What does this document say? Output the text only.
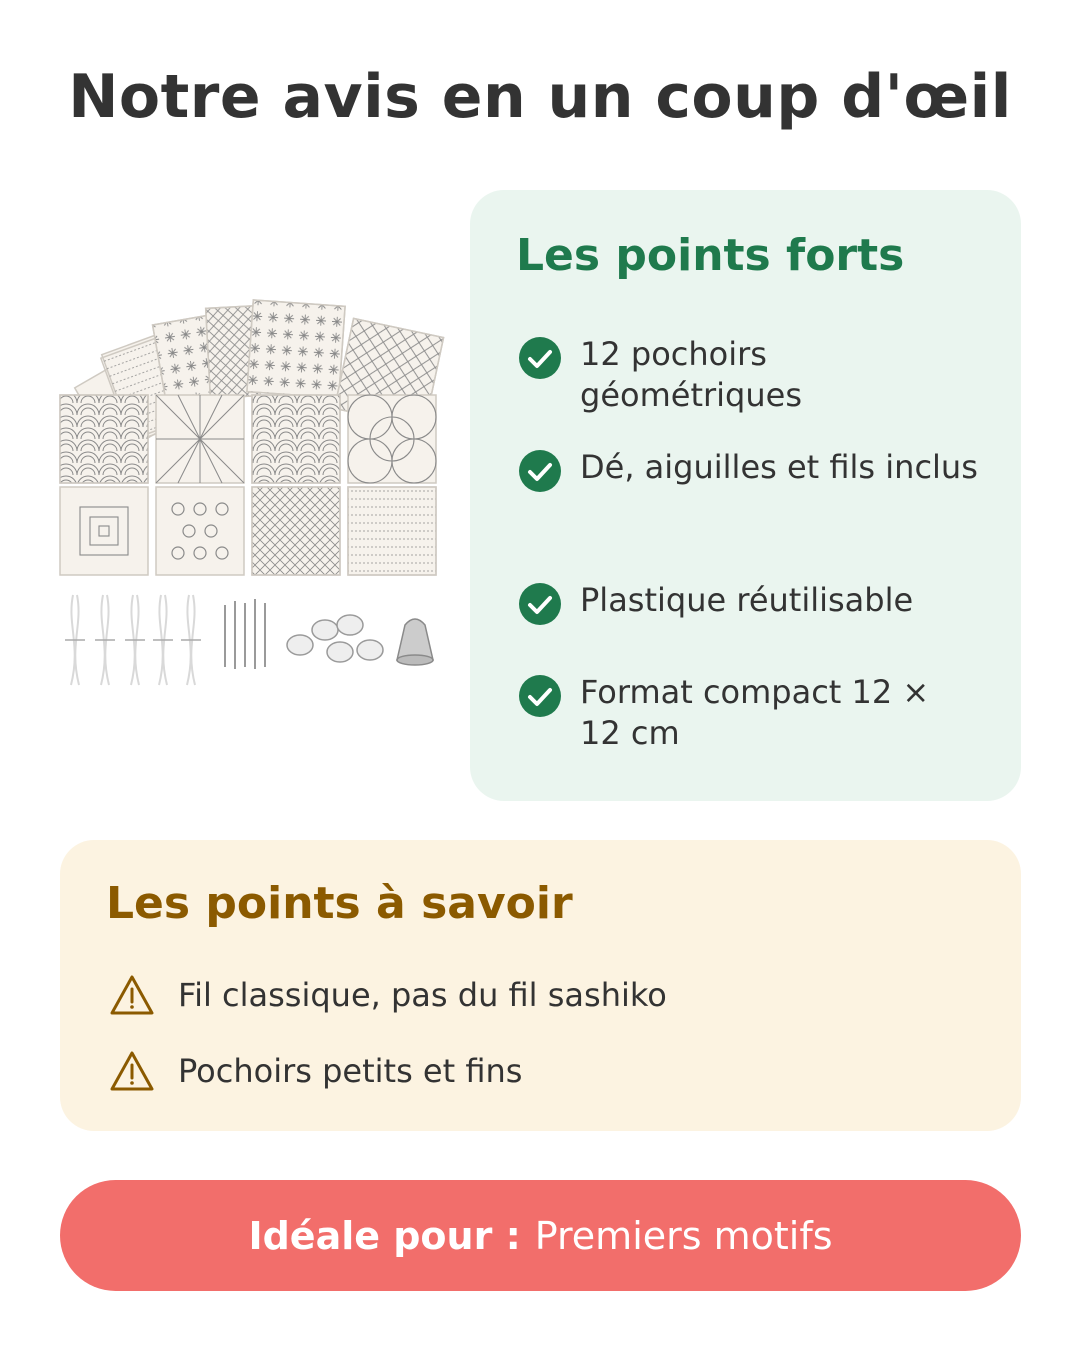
Notre avis en un coup d'œil
Les points forts
12 pochoirs géométriques
Dé, aiguilles et fils inclus
Plastique réutilisable
Format compact 12 × 12 cm
Les points à savoir
Fil classique, pas du fil sashiko
Pochoirs petits et fins
Idéale pour : Premiers motifs
